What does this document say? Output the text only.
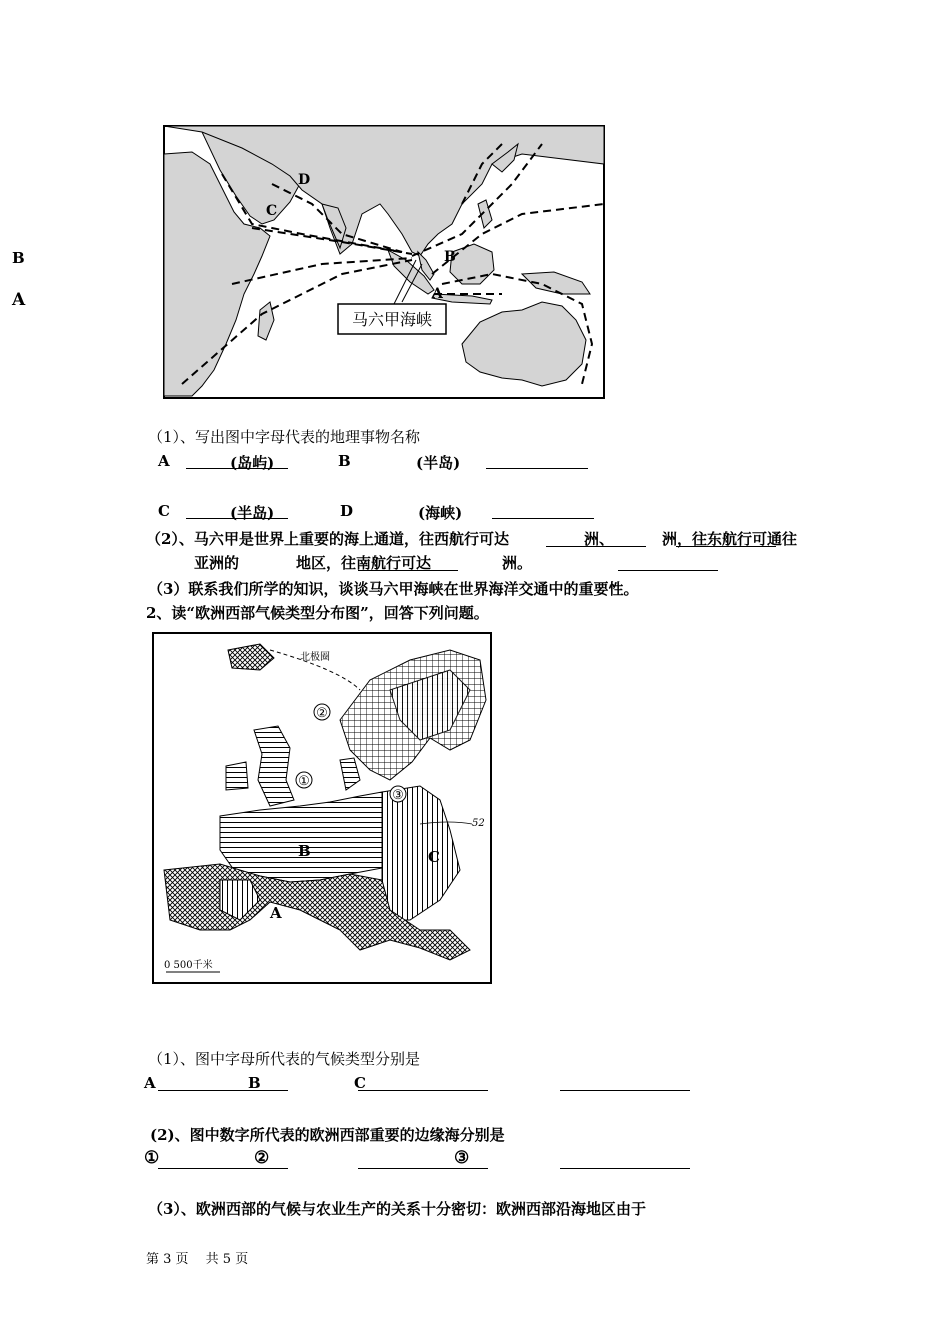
B
A
马六甲海峡
D
C
B
A
（1）、写出图中字母代表的地理事物名称
A	(岛屿)	B	(半岛)
C	(半岛)	D	(海峡)
（2）、马六甲是世界上重要的海上通道，往西航行可达	洲、	洲，往东航行可通往
亚洲的	地区，往南航行可达	洲。
（3）联系我们所学的知识，谈谈马六甲海峡在世界海洋交通中的重要性。
2、读“欧洲西部气候类型分布图”，回答下列问题。
北极圈
52
②
①
③
B	C
A
0 500千米
（1）、图中字母所代表的气候类型分别是
A	B	C
(2)、图中数字所代表的欧洲西部重要的边缘海分别是
①	②	③
（3）、欧洲西部的气候与农业生产的关系十分密切：欧洲西部沿海地区由于
第 3 页　 共 5 页
